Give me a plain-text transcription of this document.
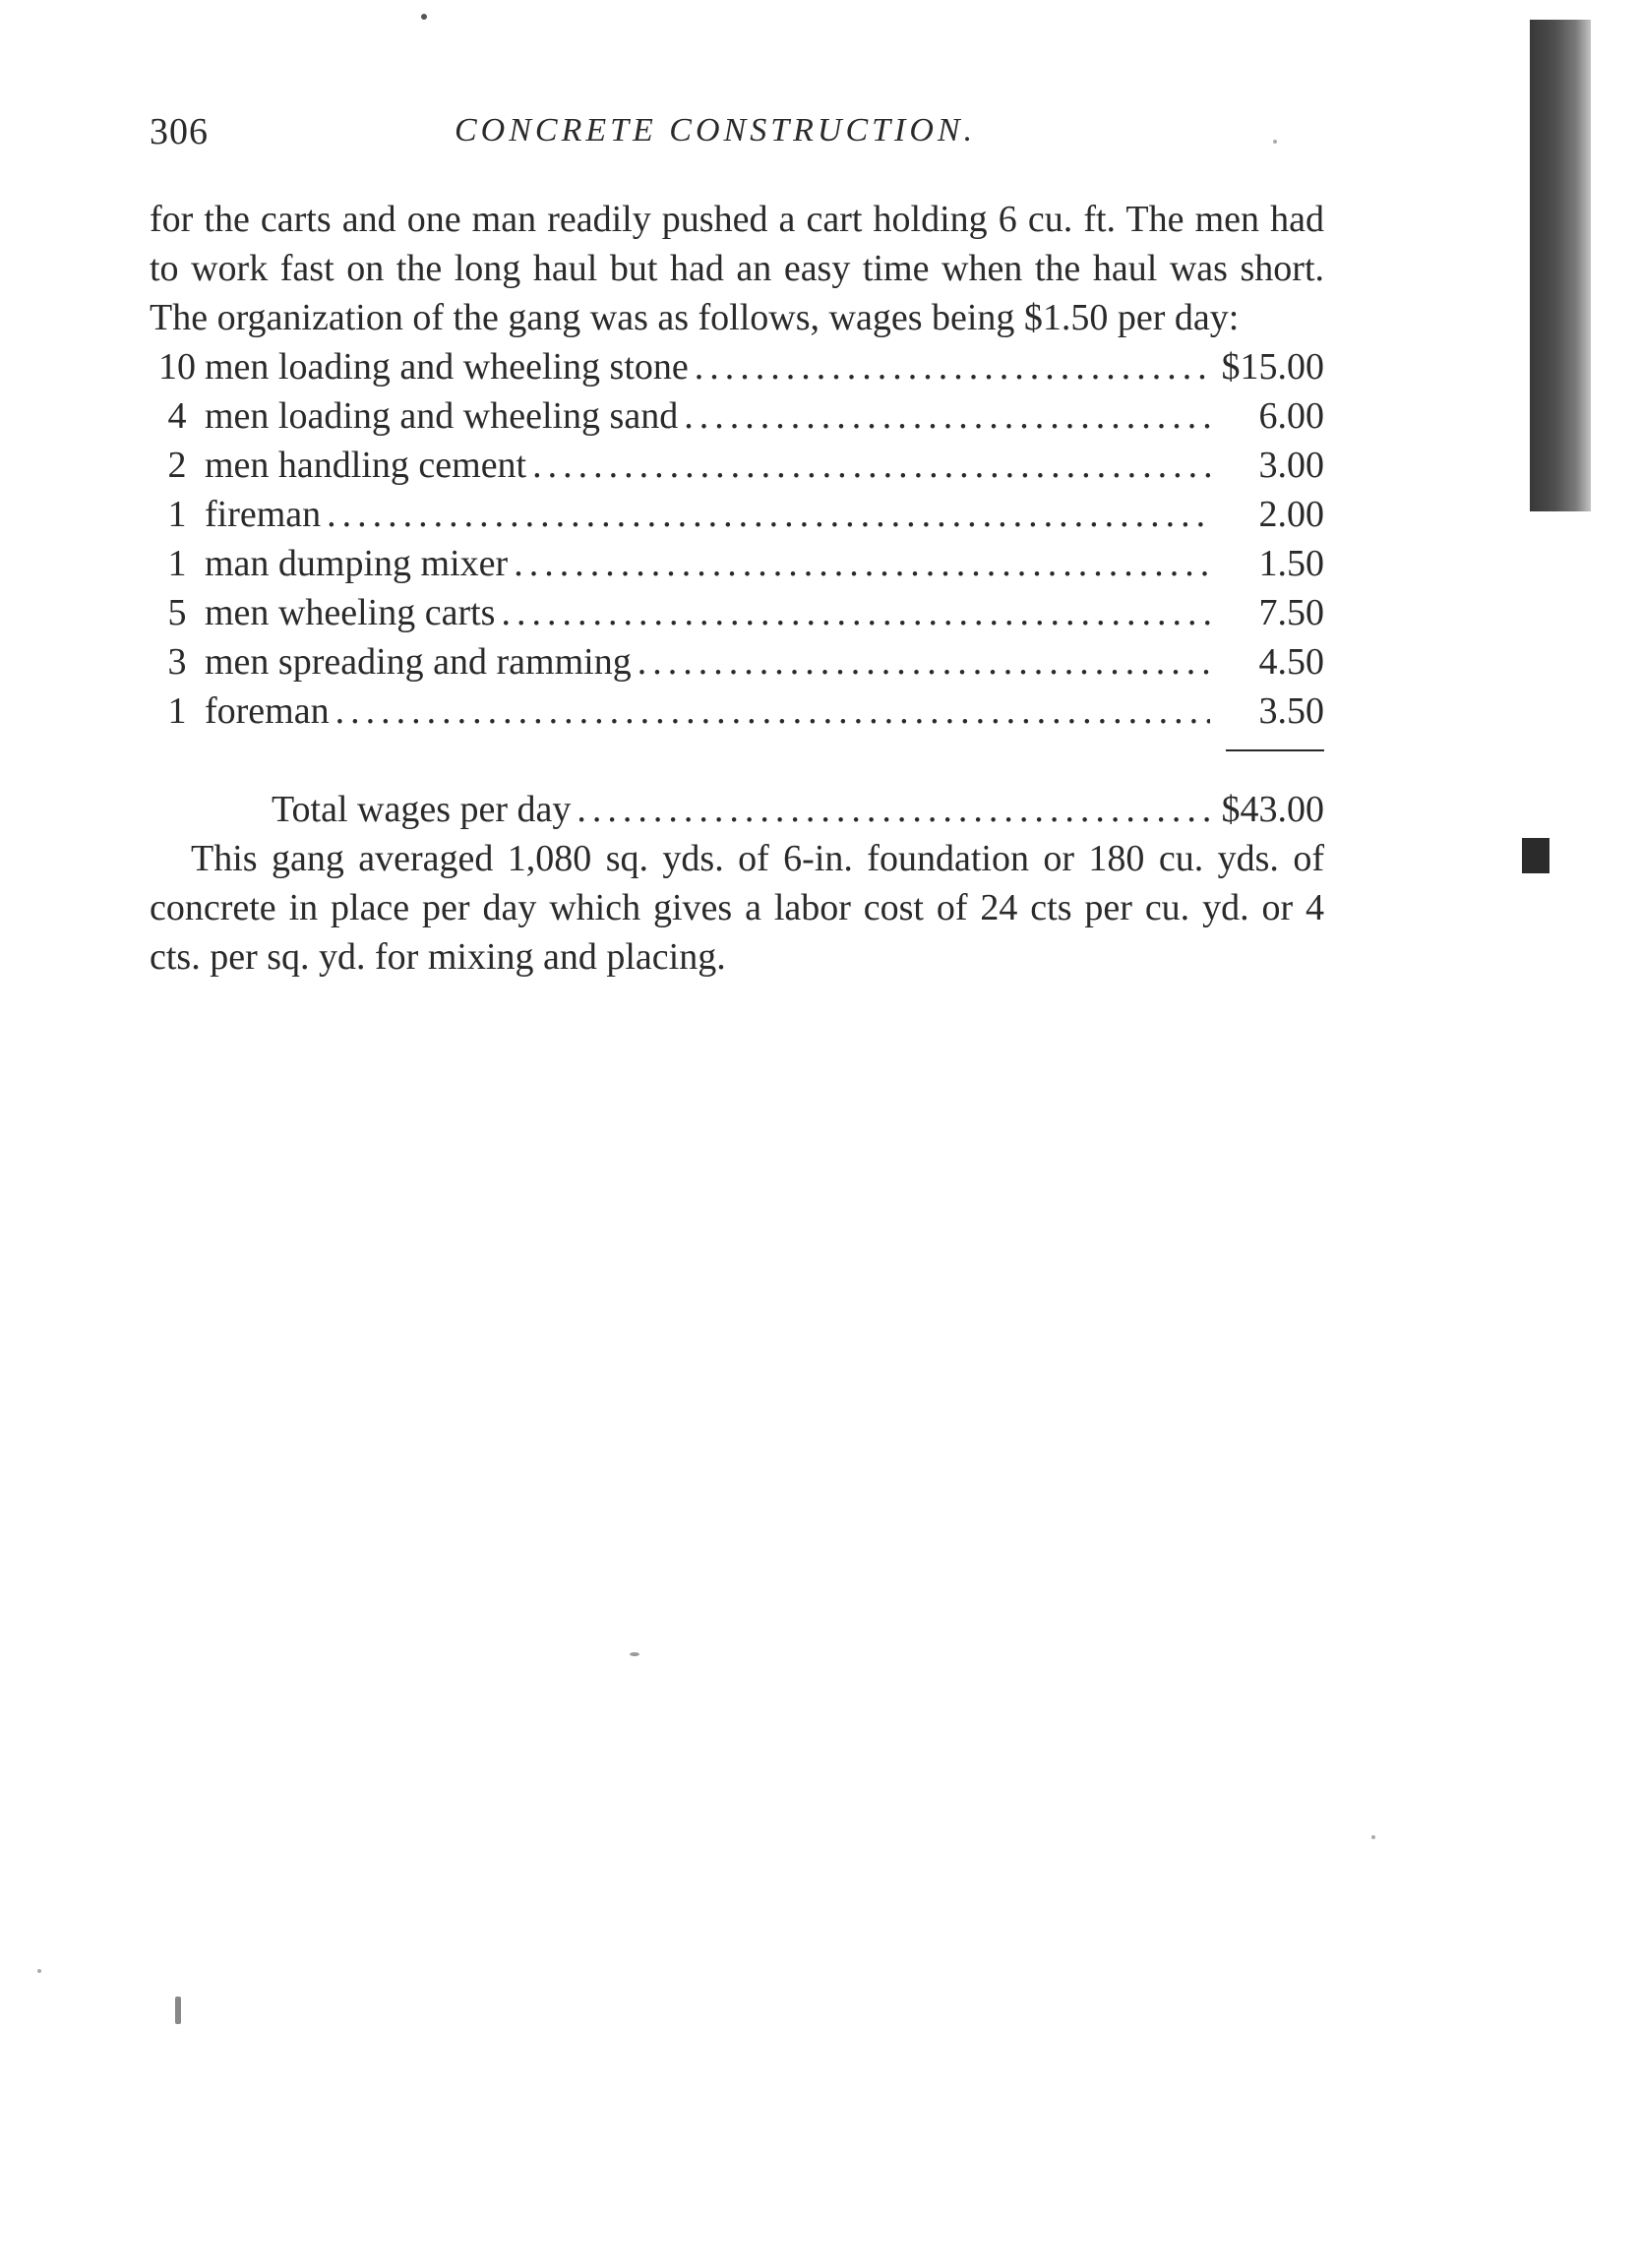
306	CONCRETE CONSTRUCTION.

for the carts and one man readily pushed a cart holding 6 cu. ft. The men had to work fast on the long haul but had an easy time when the haul was short. The organization of the gang was as follows, wages being $1.50 per day:

10 men loading and wheeling stone .....	$15.00
4 men loading and wheeling sand .....	6.00
2 men handling cement .....	3.00
1 fireman .....	2.00
1 man dumping mixer .....	1.50
5 men wheeling carts .....	7.50
3 men spreading and ramming .....	4.50
1 foreman .....	3.50
Total wages per day .....	$43.00

This gang averaged 1,080 sq. yds. of 6-in. foundation or 180 cu. yds. of concrete in place per day which gives a labor cost of 24 cts per cu. yd. or 4 cts. per sq. yd. for mixing and placing.
